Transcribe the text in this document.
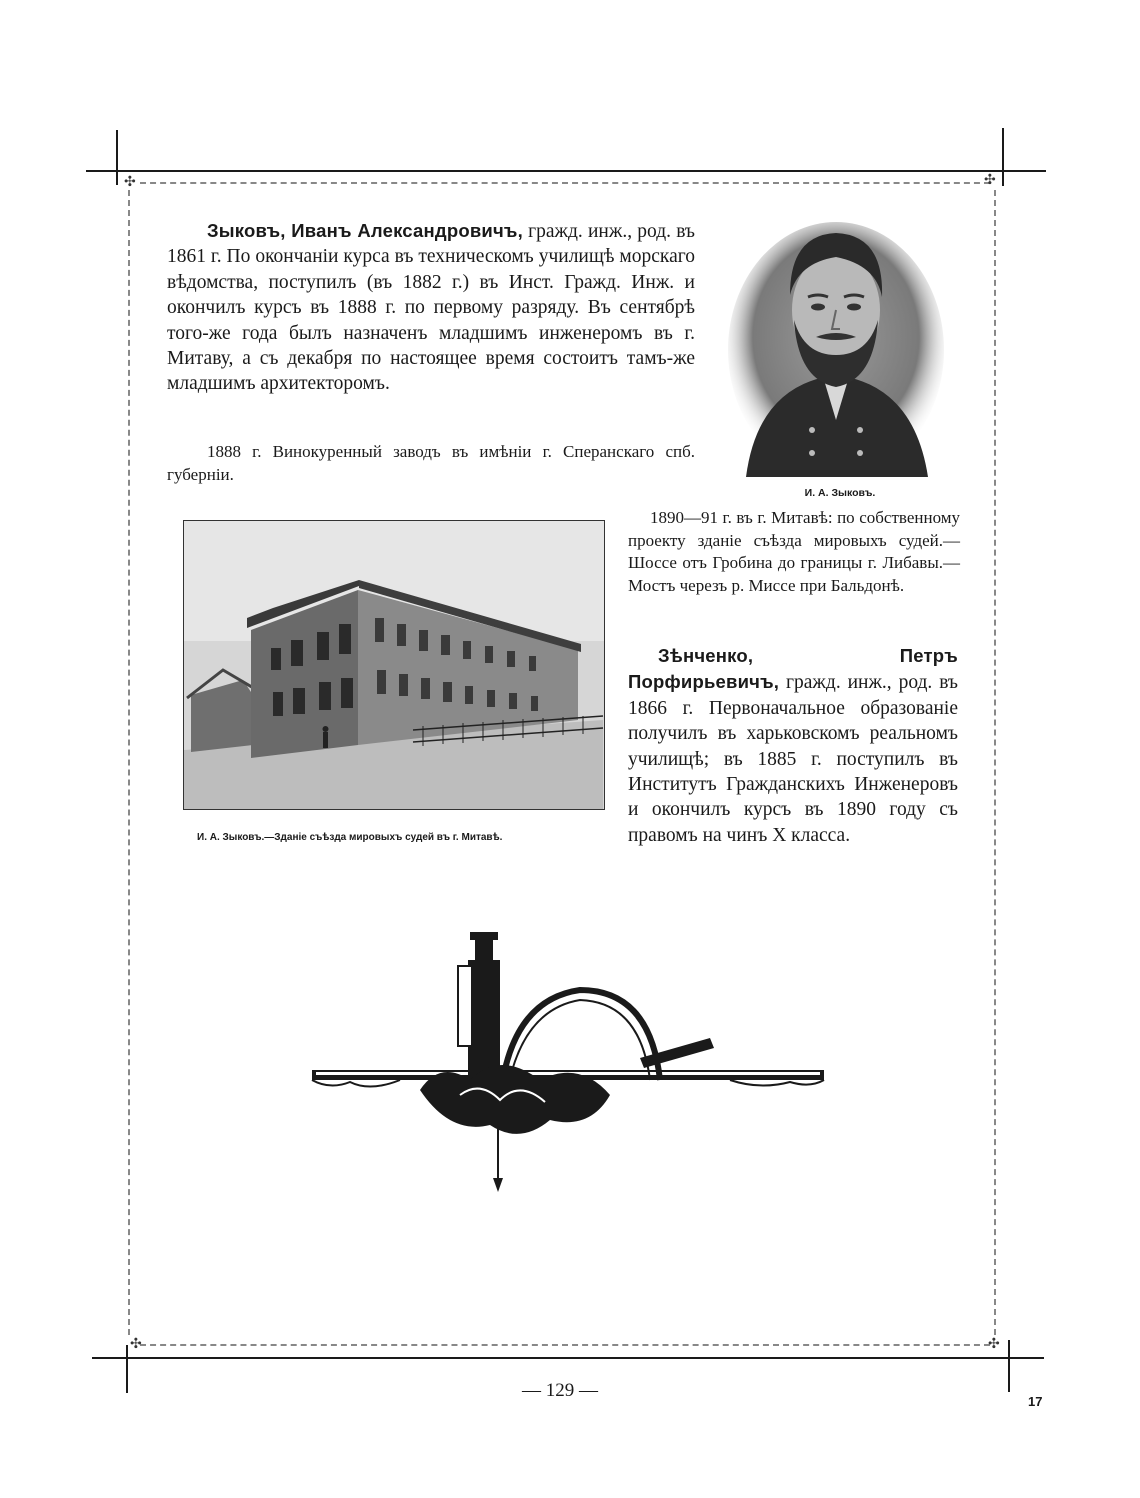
✣	✣
✣	✣
Зыковъ, Иванъ Александровичъ, гражд. инж., род. въ 1861 г. По окончанiи курса въ техническомъ училищѣ морскаго вѣдомства, поступилъ (въ 1882 г.) въ Инст. Гражд. Инж. и окончилъ курсъ въ 1888 г. по первому разряду. Въ сентябрѣ того-же года былъ назначенъ младшимъ инженеромъ въ г. Митаву, а съ декабря по настоящее время состоитъ тамъ-же младшимъ архитекторомъ.
1888 г. Винокуренный заводъ въ имѣнiи г. Сперанскаго спб. губернiи.
И. А. Зыковъ.
1890—91 г. въ г. Митавѣ: по собственному проекту зданiе съѣзда мировыхъ судей.—Шоссе отъ Гробина до границы г. Либавы.—Мостъ черезъ р. Миссе при Бальдонѣ.
И. А. Зыковъ.—Зданiе съѣзда мировыхъ судей въ г. Митавѣ.
Зѣнченко, Петръ Порфирьевичъ, гражд. инж., род. въ 1866 г. Первоначальное образованiе получилъ въ харьковскомъ реальномъ училищѣ; въ 1885 г. поступилъ въ Институтъ Гражданскихъ Инженеровъ и окончилъ курсъ въ 1890 году съ правомъ на чинъ X класса.
— 129 —
17
